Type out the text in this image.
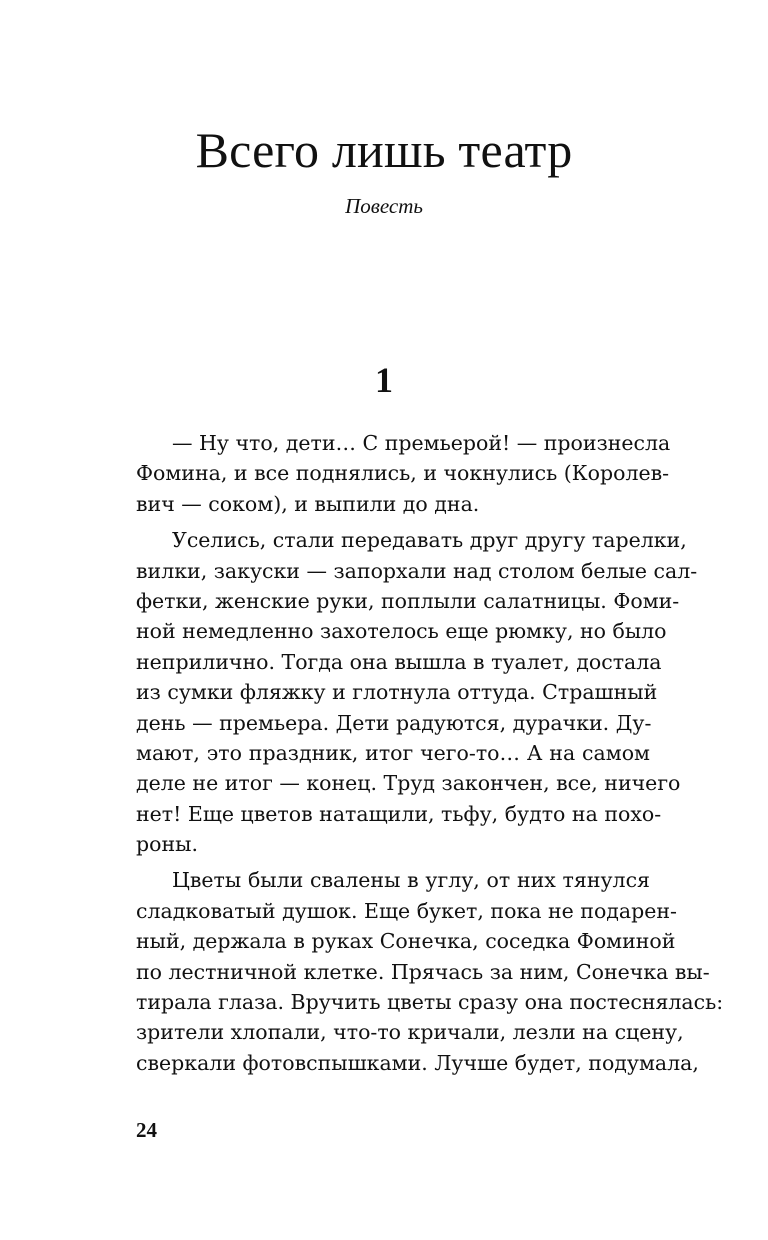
Всего лишь театр
Повесть
1
— Ну что, дети… С премьерой! — произнесла
Фомина, и все поднялись, и чокнулись (Королев-
вич — соком), и выпили до дна.
Уселись, стали передавать друг другу тарелки,
вилки, закуски — запорхали над столом белые сал-
фетки, женские руки, поплыли салатницы. Фоми-
ной немедленно захотелось еще рюмку, но было
неприлично. Тогда она вышла в туалет, достала
из сумки фляжку и глотнула оттуда. Страшный
день — премьера. Дети радуются, дурачки. Ду-
мают, это праздник, итог чего-то… А на самом
деле не итог — конец. Труд закончен, все, ничего
нет! Еще цветов натащили, тьфу, будто на похо-
роны.
Цветы были свалены в углу, от них тянулся
сладковатый душок. Еще букет, пока не подарен-
ный, держала в руках Сонечка, соседка Фоминой
по лестничной клетке. Прячась за ним, Сонечка вы-
тирала глаза. Вручить цветы сразу она постеснялась:
зрители хлопали, что-то кричали, лезли на сцену,
сверкали фотовспышками. Лучше будет, подумала,
24
